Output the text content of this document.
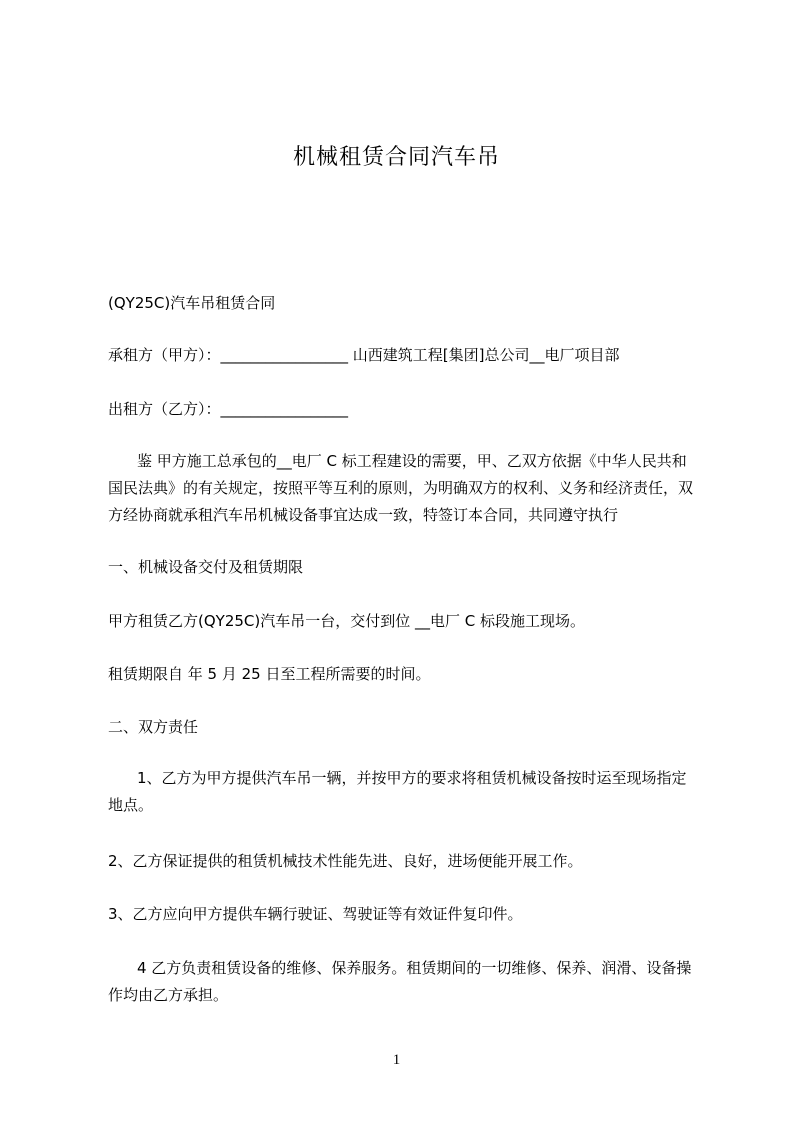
机械租赁合同汽车吊
(QY25C)汽车吊租赁合同
承租方（甲方）：_________________ 山西建筑工程[集团]总公司__电厂项目部
出租方（乙方）：_________________
鉴 甲方施工总承包的__电厂 C 标工程建设的需要，甲、乙双方依据《中华人民共和国民法典》的有关规定，按照平等互利的原则，为明确双方的权利、义务和经济责任，双方经协商就承租汽车吊机械设备事宜达成一致，特签订本合同，共同遵守执行
一、机械设备交付及租赁期限
甲方租赁乙方(QY25C)汽车吊一台，交付到位 __电厂 C 标段施工现场。
租赁期限自 年 5 月 25 日至工程所需要的时间。
二、双方责任
1、乙方为甲方提供汽车吊一辆，并按甲方的要求将租赁机械设备按时运至现场指定地点。
2、乙方保证提供的租赁机械技术性能先进、良好，进场便能开展工作。
3、乙方应向甲方提供车辆行驶证、驾驶证等有效证件复印件。
4 乙方负责租赁设备的维修、保养服务。租赁期间的一切维修、保养、润滑、设备操作均由乙方承担。
1
